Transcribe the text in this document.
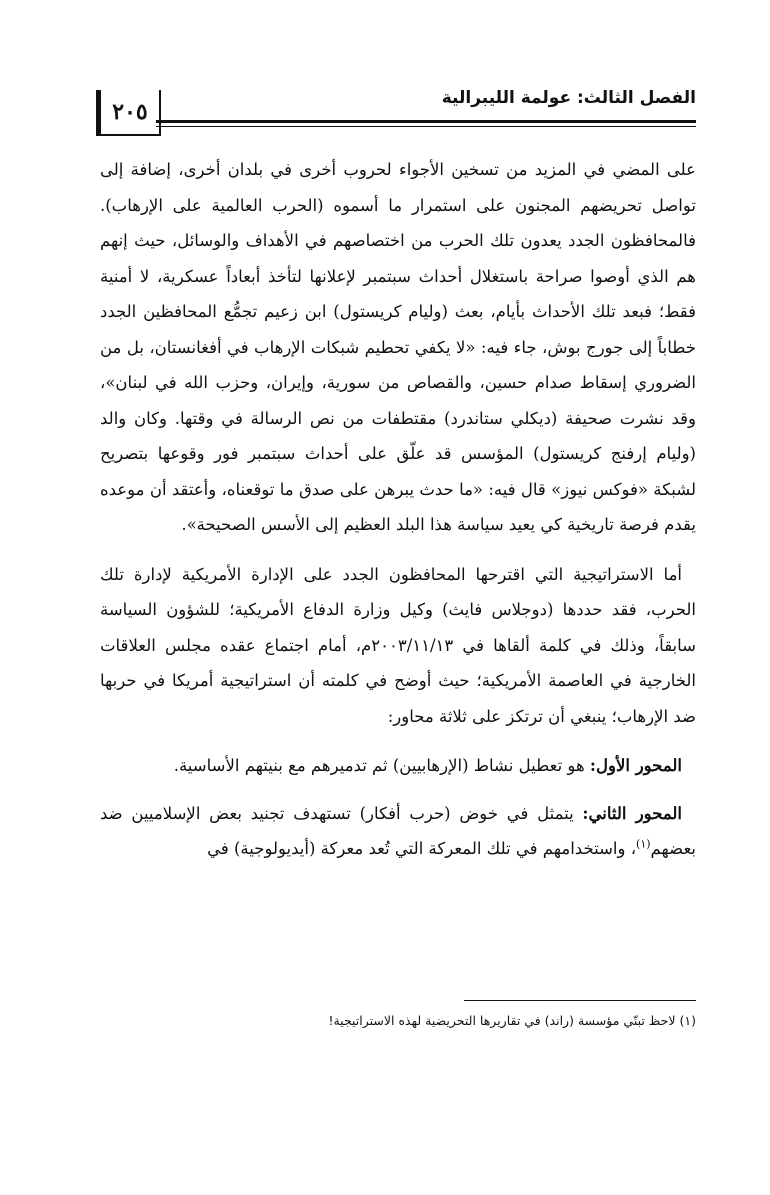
الفصل الثالث: عولمة الليبرالية
٢٠٥

على المضي في المزيد من تسخين الأجواء لحروب أخرى في بلدان أخرى، إضافة إلى تواصل تحريضهم المجنون على استمرار ما أسموه (الحرب العالمية على الإرهاب). فالمحافظون الجدد يعدون تلك الحرب من اختصاصهم في الأهداف والوسائل، حيث إنهم هم الذي أوصوا صراحة باستغلال أحداث سبتمبر لإعلانها لتأخذ أبعاداً عسكرية، لا أمنية فقط؛ فبعد تلك الأحداث بأيام، بعث (وليام كريستول) ابن زعيم تجمُّع المحافظين الجدد خطاباً إلى جورج بوش، جاء فيه: «لا يكفي تحطيم شبكات الإرهاب في أفغانستان، بل من الضروري إسقاط صدام حسين، والقصاص من سورية، وإيران، وحزب الله في لبنان»، وقد نشرت صحيفة (ديكلي ستاندرد) مقتطفات من نص الرسالة في وقتها. وكان والد (وليام إرفنج كريستول) المؤسس قد علّق على أحداث سبتمبر فور وقوعها بتصريح لشبكة «فوكس نيوز» قال فيه: «ما حدث يبرهن على صدق ما توقعناه، وأعتقد أن موعده يقدم فرصة تاريخية كي يعيد سياسة هذا البلد العظيم إلى الأسس الصحيحة».

أما الاستراتيجية التي اقترحها المحافظون الجدد على الإدارة الأمريكية لإدارة تلك الحرب، فقد حددها (دوجلاس فايث) وكيل وزارة الدفاع الأمريكية؛ للشؤون السياسة سابقاً، وذلك في كلمة ألقاها في ٢٠٠٣/١١/١٣م، أمام اجتماع عقده مجلس العلاقات الخارجية في العاصمة الأمريكية؛ حيث أوضح في كلمته أن استراتيجية أمريكا في حربها ضد الإرهاب؛ ينبغي أن ترتكز على ثلاثة محاور:

المحور الأول: هو تعطيل نشاط (الإرهابيين) ثم تدميرهم مع بنيتهم الأساسية.

المحور الثاني: يتمثل في خوض (حرب أفكار) تستهدف تجنيد بعض الإسلاميين ضد بعضهم$^{(١)}$، واستخدامهم في تلك المعركة التي تُعد معركة (أيديولوجية) في

(١) لاحظ تبنّي مؤسسة (راند) في تقاريرها التحريضية لهذه الاستراتيجية!
